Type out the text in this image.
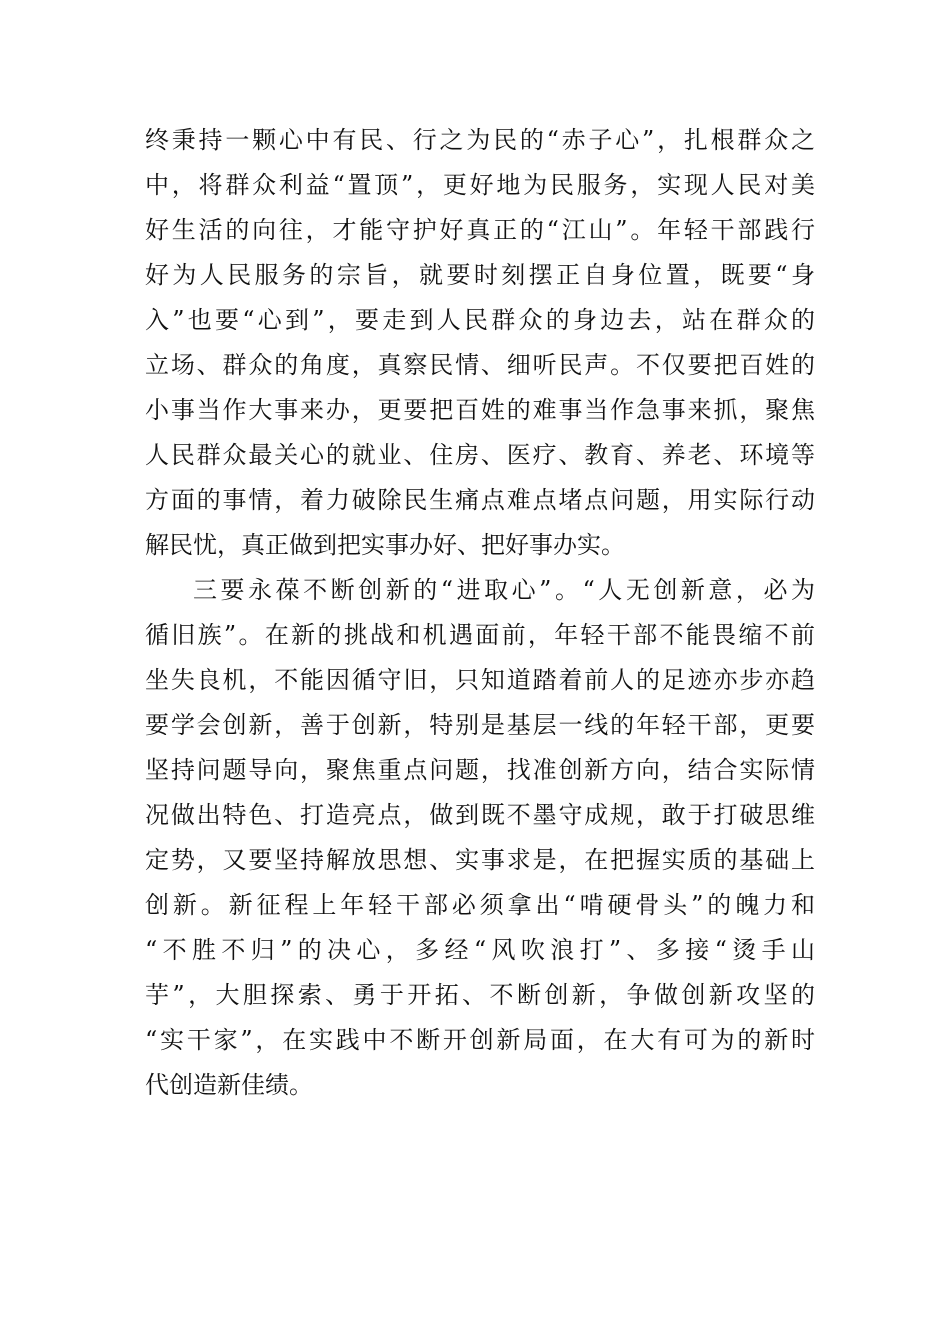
终秉持一颗心中有民、行之为民的“赤子心”，扎根群众之
中，将群众利益“置顶”，更好地为民服务，实现人民对美
好生活的向往，才能守护好真正的“江山”。年轻干部践行
好为人民服务的宗旨，就要时刻摆正自身位置，既要“身
入”也要“心到”，要走到人民群众的身边去，站在群众的
立场、群众的角度，真察民情、细听民声。不仅要把百姓的
小事当作大事来办，更要把百姓的难事当作急事来抓，聚焦
人民群众最关心的就业、住房、医疗、教育、养老、环境等
方面的事情，着力破除民生痛点难点堵点问题，用实际行动
解民忧，真正做到把实事办好、把好事办实。
三要永葆不断创新的“进取心”。“人无创新意，必为
循旧族”。在新的挑战和机遇面前，年轻干部不能畏缩不前
坐失良机，不能因循守旧，只知道踏着前人的足迹亦步亦趋
要学会创新，善于创新，特别是基层一线的年轻干部，更要
坚持问题导向，聚焦重点问题，找准创新方向，结合实际情
况做出特色、打造亮点，做到既不墨守成规，敢于打破思维
定势，又要坚持解放思想、实事求是，在把握实质的基础上
创新。新征程上年轻干部必须拿出“啃硬骨头”的魄力和
“不胜不归”的决心，多经“风吹浪打”、多接“烫手山
芋”，大胆探索、勇于开拓、不断创新，争做创新攻坚的
“实干家”，在实践中不断开创新局面，在大有可为的新时
代创造新佳绩。
